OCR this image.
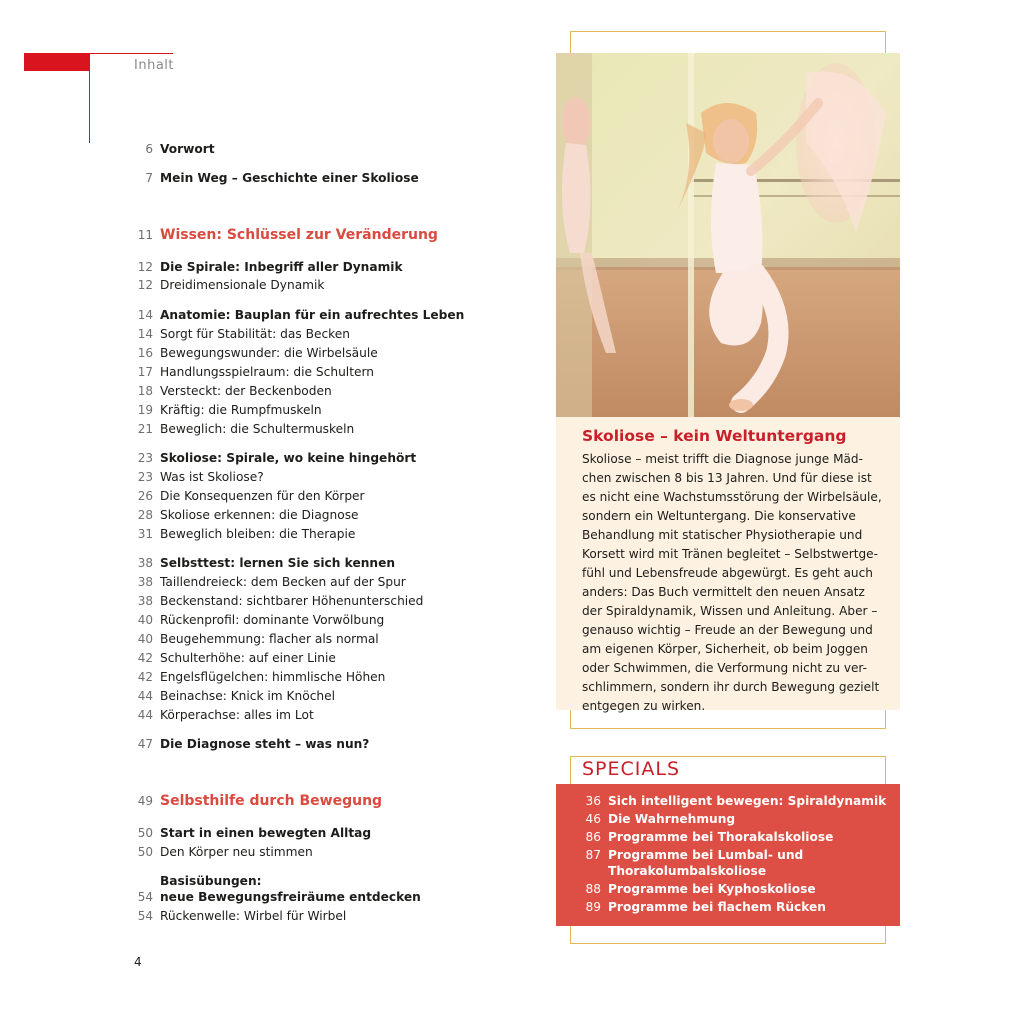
Inhalt
6 Vorwort
7 Mein Weg – Geschichte einer Skoliose
11 Wissen: Schlüssel zur Veränderung
12 Die Spirale: Inbegriff aller Dynamik
12 Dreidimensionale Dynamik
14 Anatomie: Bauplan für ein aufrechtes Leben
14 Sorgt für Stabilität: das Becken
16 Bewegungswunder: die Wirbelsäule
17 Handlungsspielraum: die Schultern
18 Versteckt: der Beckenboden
19 Kräftig: die Rumpfmuskeln
21 Beweglich: die Schultermuskeln
23 Skoliose: Spirale, wo keine hingehört
23 Was ist Skoliose?
26 Die Konsequenzen für den Körper
28 Skoliose erkennen: die Diagnose
31 Beweglich bleiben: die Therapie
38 Selbsttest: lernen Sie sich kennen
38 Taillendreieck: dem Becken auf der Spur
38 Beckenstand: sichtbarer Höhenunterschied
40 Rückenprofil: dominante Vorwölbung
40 Beugehemmung: flacher als normal
42 Schulterhöhe: auf einer Linie
42 Engelsflügelchen: himmlische Höhen
44 Beinachse: Knick im Knöchel
44 Körperachse: alles im Lot
47 Die Diagnose steht – was nun?
49 Selbsthilfe durch Bewegung
50 Start in einen bewegten Alltag
50 Den Körper neu stimmen
54
Basisübungen:
neue Bewegungsfreiräume entdecken
54 Rückenwelle: Wirbel für Wirbel
4
Skoliose – kein Weltuntergang

Skoliose – meist trifft die Diagnose junge Mäd-

chen zwischen 8 bis 13 Jahren. Und für diese ist

es nicht eine Wachstumsstörung der Wirbelsäule,

sondern ein Weltuntergang. Die konservative

Behandlung mit statischer Physiotherapie und

Korsett wird mit Tränen begleitet – Selbstwertge-

fühl und Lebensfreude abgewürgt. Es geht auch

anders: Das Buch vermittelt den neuen Ansatz

der Spiraldynamik, Wissen und Anleitung. Aber –

genauso wichtig – Freude an der Bewegung und

am eigenen Körper, Sicherheit, ob beim Joggen

oder Schwimmen, die Verformung nicht zu ver-

schlimmern, sondern ihr durch Bewegung gezielt

entgegen zu wirken.

SPECIALS
36 Sich intelligent bewegen: Spiraldynamik
46 Die Wahrnehmung
86 Programme bei Thorakalskoliose
87 Programme bei Lumbal- und
Thorakolumbalskoliose
88 Programme bei Kyphoskoliose
89 Programme bei flachem Rücken
